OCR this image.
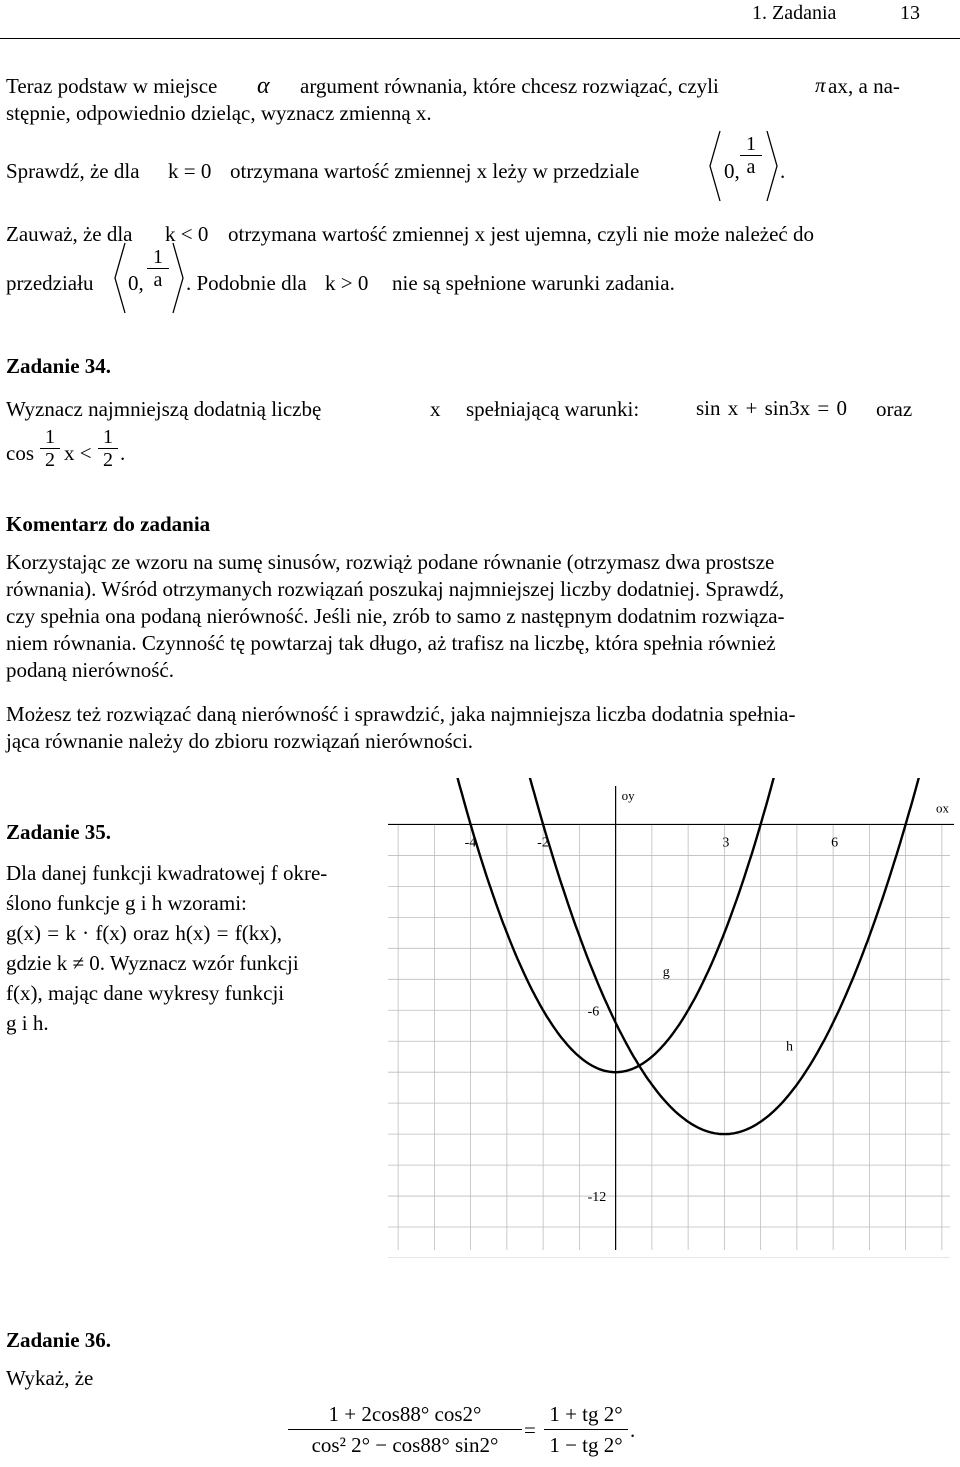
1. Zadania	13
Teraz podstaw w miejsce α argument równania, które chcesz rozwiązać, czyli	π ax , a na-
stępnie, odpowiednio dzieląc, wyznacz zmienną x.
Sprawdź, że dla k = 0 otrzymana wartość zmiennej x leży w przedziale	0, $\frac{1}{a}$ .
Zauważ, że dla k < 0 otrzymana wartość zmiennej x jest ujemna, czyli nie może należeć do
przedziału 0, $\frac{1}{a}$ . Podobnie dla k > 0 nie są spełnione warunki zadania.
Zadanie 34.
Wyznacz najmniejszą dodatnią liczbę	x spełniającą warunki:	sin x + sin3x = 0 oraz
$\cos \frac{1}{2}$ $x < \frac{1}{2}$ .
Komentarz do zadania
Korzystając ze wzoru na sumę sinusów, rozwiąż podane równanie (otrzymasz dwa prostsze
równania). Wśród otrzymanych rozwiązań poszukaj najmniejszej liczby dodatniej. Sprawdź,
czy spełnia ona podaną nierówność. Jeśli nie, zrób to samo z następnym dodatnim rozwiąza-
niem równania. Czynność tę powtarzaj tak długo, aż trafisz na liczbę, która spełnia również
podaną nierówność.
Możesz też rozwiązać daną nierówność i sprawdzić, jaka najmniejsza liczba dodatnia spełnia-
jąca równanie należy do zbioru rozwiązań nierówności.
Zadanie 35.
Dla danej funkcji kwadratowej f okre-
ślono funkcje g i h wzorami:
g(x) = k · f(x) oraz h(x) = f(kx),
gdzie k ≠ 0. Wyznacz wzór funkcji
f(x), mając dane wykresy funkcji
g i h.
ox
oy
-4	-2	3	6
-6
-12
g
h
Zadanie 36.
Wykaż, że
$\frac{1 + 2\cos 88^\circ \cos 2^\circ}{\text{cos² 2° − cos88° sin2°}} = \frac{1 + tg 2^\circ}{1 - tg 2^\circ}$ .
